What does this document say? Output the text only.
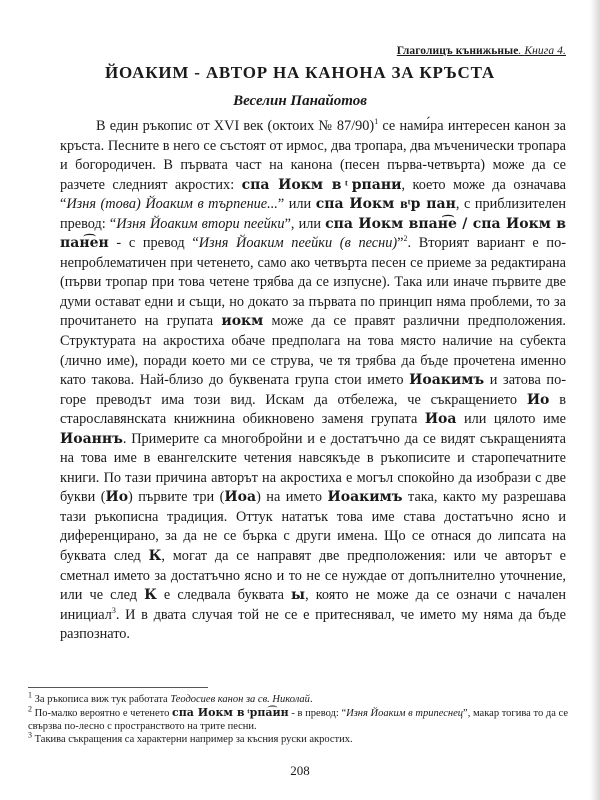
Глаголицъ кънижьные. Книга 4.
ЙОАКИМ - АВТОР НА КАНОНА ЗА КРЪСТА
Веселин Панайотов

В един ръкопис от XVI век (октоих № 87/90)$^1$ се нами́ра интересен канон за кръста. Песните в него се състоят от ирмос, два тропара, два мъченически тропара и богородичен. В първата част на канона (песен първа-четвърта) може да се разчете следният акростих: спа Иокм в ͭрпани, което може да означава “Изня (това) Йоаким в търпение...” или спа Иокм вͭр пан, с приблизителен превод: “Изня Йоаким втори пеейки”, или спа Иокм впан͡е / спа Иокм в пан͡ен - с превод “Изня Йоаким пеейки (в песни)”$^2$. Вторият вариант е по-непроблематичен при четенето, само ако четвърта песен се приеме за редактирана (първи тропар при това четене трябва да се изпусне). Така или иначе първите две думи остават едни и същи, но докато за първата по принцип няма проблеми, то за прочитането на групата иокм може да се правят различни предположения. Структурата на акростиха обаче предполага на това място наличие на субекта (лично име), поради което ми се струва, че тя трябва да бъде прочетена именно като такова. Най-близо до буквената група стои името Иоакимъ и затова по-горе преводът има този вид. Искам да отбележа, че съкращението Ио в старославянската книжнина обикновено заменя групата Иоа или цялото име Иоаннъ. Примерите са многобройни и е достатъчно да се видят съкращенията на това име в евангелските четения навсякъде в ръкописите и старопечатните книги. По тази причина авторът на акростиха е могъл спокойно да изобрази с две букви (Ио) първите три (Иоа) на името Иоакимъ така, както му разрешава тази ръкописна традиция. Оттук нататък това име става достатъчно ясно и диференцирано, за да не се бърка с други имена. Що се отнася до липсата на буквата след К, могат да се направят две предположения: или че авторът е сметнал името за достатъчно ясно и то не се нуждае от допълнително уточнение, или че след К е следвала буквата ы, която не може да се означи с начален инициал$^3$. И в двата случая той не се е притеснявал, че името му няма да бъде разпознато.

$^1$ За ръкописа виж тук работата Теодосиев канон за св. Николай.

$^2$ По-малко вероятно е четенето спа Иокм в ͭрпа͡ин - в превод: “Изня Йоаким в трипеснец”, макар тогива то да се свързва по-лесно с пространството на трите песни.

$^3$ Такива съкращения са характерни например за късния руски акростих.

208
